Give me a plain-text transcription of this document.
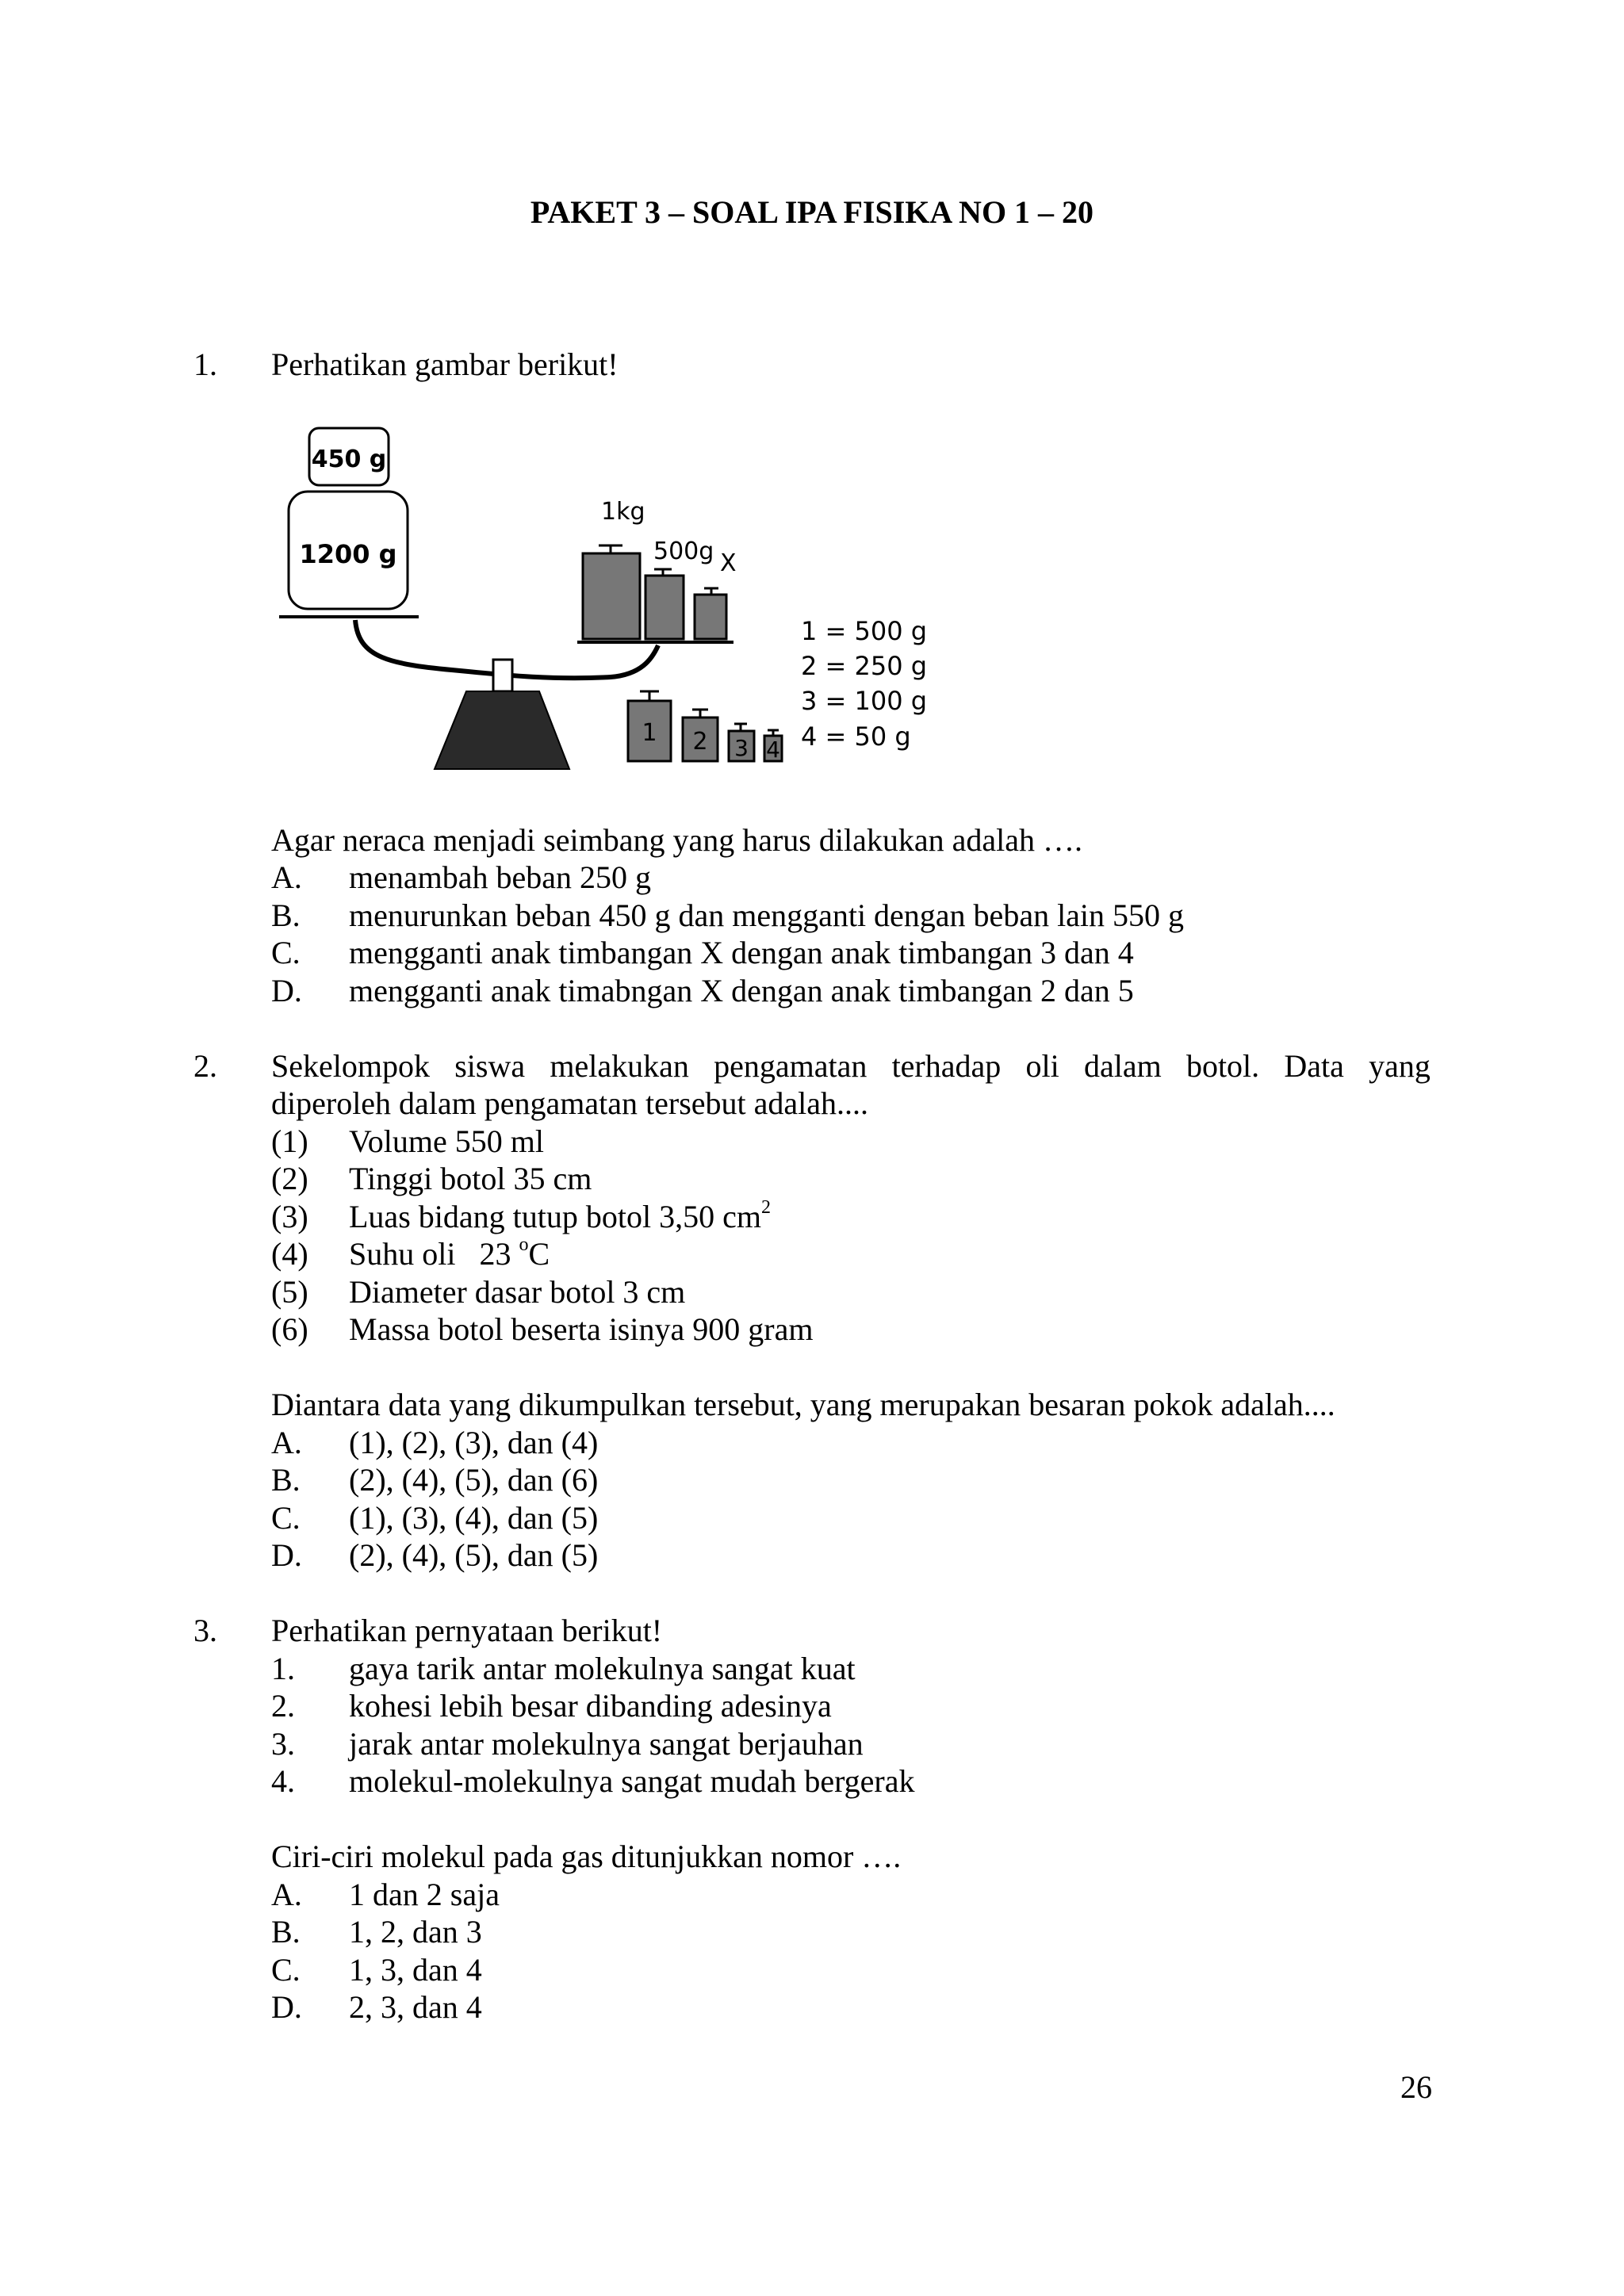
PAKET 3 – SOAL IPA FISIKA NO 1 – 20
1. Perhatikan gambar berikut!
450 g
1200 g
1kg
500g X
1 2 3 4
1 = 500 g
2 = 250 g
3 = 100 g
4 = 50 g
Agar neraca menjadi seimbang yang harus dilakukan adalah ….
A. menambah beban 250 g
B. menurunkan beban 450 g dan mengganti dengan beban lain 550 g
C. mengganti anak timbangan X dengan anak timbangan 3 dan 4
D. mengganti anak timabngan X dengan anak timbangan 2 dan 5
2. Sekelompok siswa melakukan pengamatan terhadap oli dalam botol. Data yang
diperoleh dalam pengamatan tersebut adalah....
(1) Volume 550 ml
(2) Tinggi botol 35 cm
(3) Luas bidang tutup botol 3,50 $cm^2$
(4) Suhu oli   23 $^o$C
(5) Diameter dasar botol 3 cm
(6) Massa botol beserta isinya 900 gram
Diantara data yang dikumpulkan tersebut, yang merupakan besaran pokok adalah....
A. (1), (2), (3), dan (4)
B. (2), (4), (5), dan (6)
C. (1), (3), (4), dan (5)
D. (2), (4), (5), dan (5)
3. Perhatikan pernyataan berikut!
1. gaya tarik antar molekulnya sangat kuat
2. kohesi lebih besar dibanding adesinya
3. jarak antar molekulnya sangat berjauhan
4. molekul-molekulnya sangat mudah bergerak
Ciri-ciri molekul pada gas ditunjukkan nomor ….
A. 1 dan 2 saja
B. 1, 2, dan 3
C. 1, 3, dan 4
D. 2, 3, dan 4
26
